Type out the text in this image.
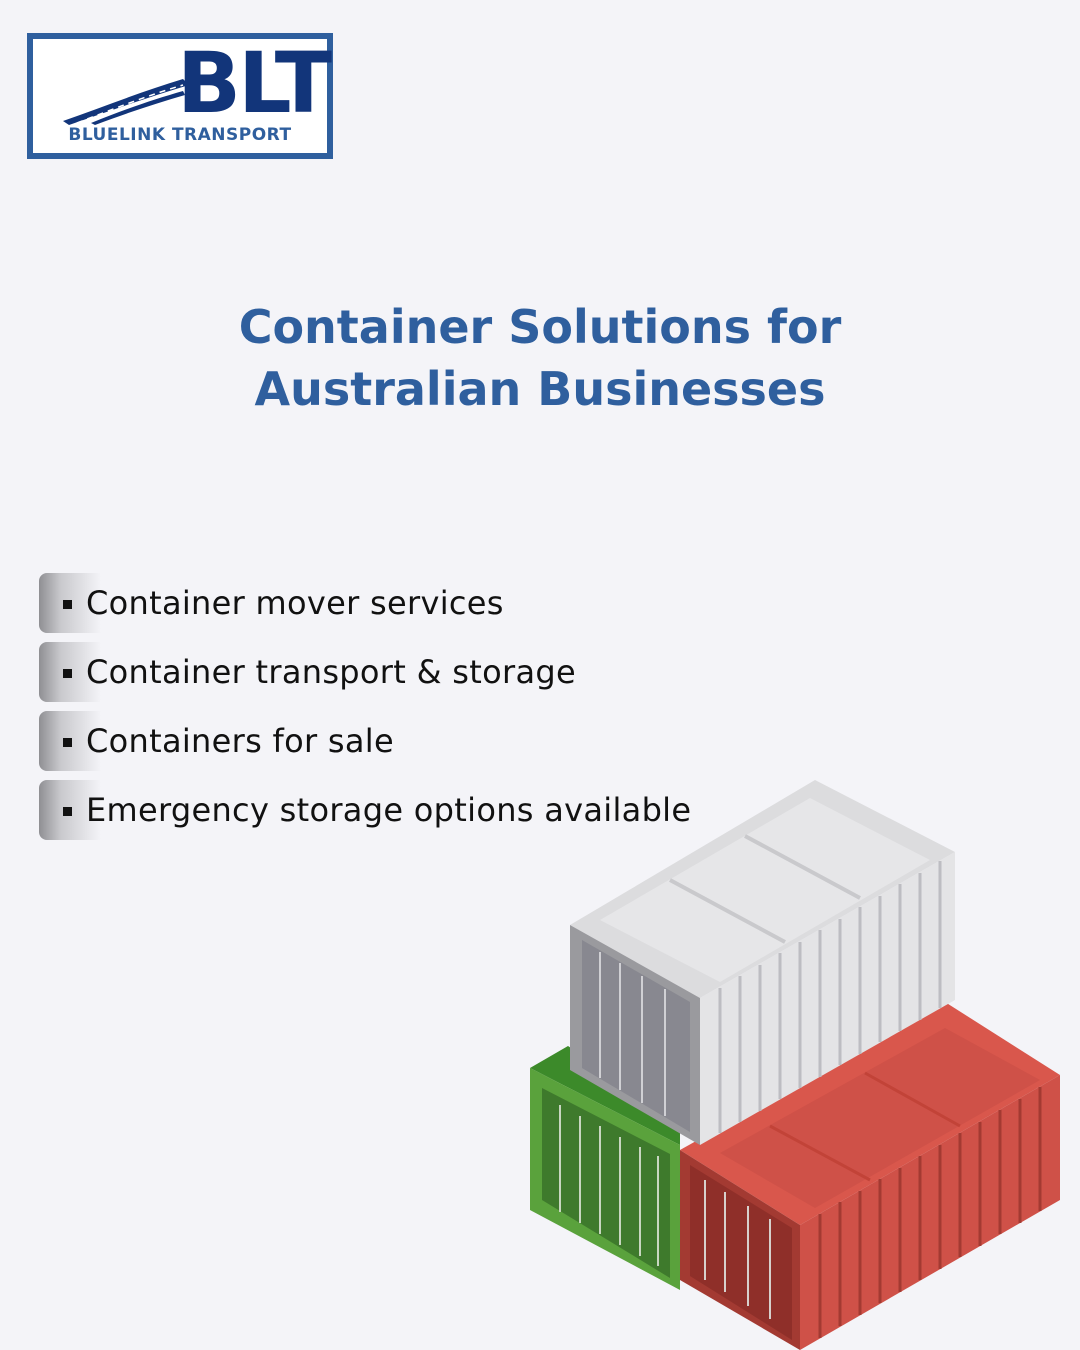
BLT
BLUELINK TRANSPORT
Container Solutions for
Australian Businesses
Container mover services
Container transport & storage
Containers for sale
Emergency storage options available
